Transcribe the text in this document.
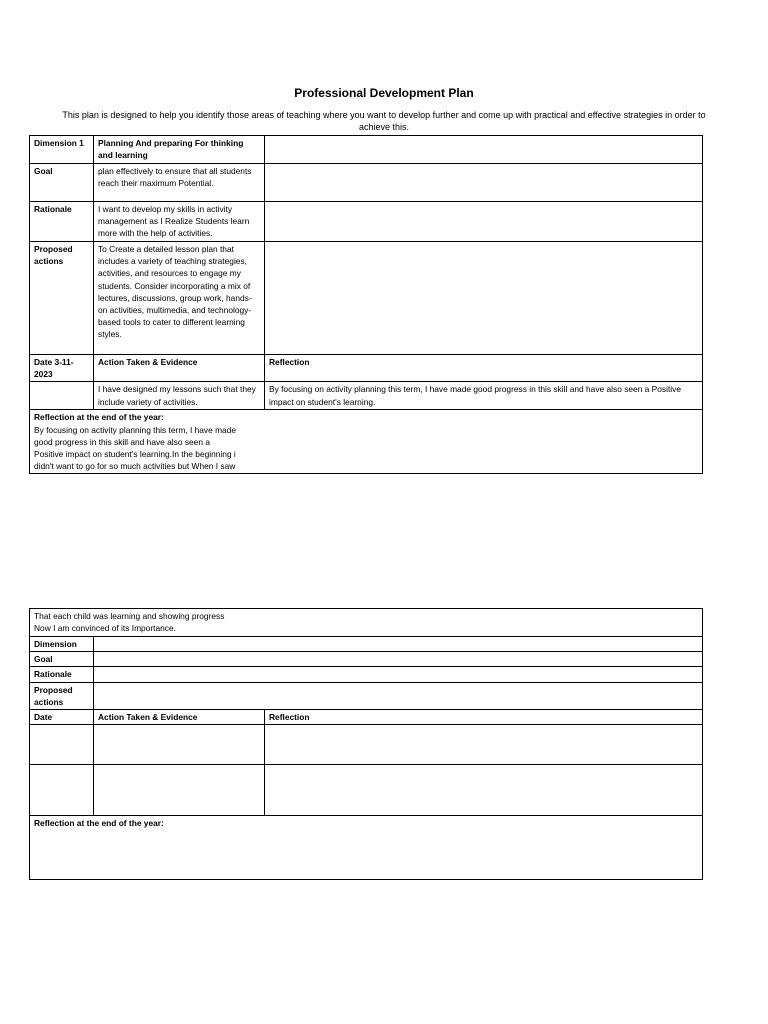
Professional Development Plan
This plan is designed to help you identify those areas of teaching where you want to develop further and come up with practical and effective strategies in order to achieve this.
Dimension 1	Planning And preparing For thinking and learning	
Goal	plan effectively to ensure that all students reach their maximum Potential.	
Rationale	I want to develop my skills in activity management as I Realize Students learn more with the help of activities.	
Proposed actions	To Create a detailed lesson plan that includes a variety of teaching strategies, activities, and resources to engage my students. Consider incorporating a mix of lectures, discussions, group work, hands-on activities, multimedia, and technology-based tools to cater to different learning styles.	
Date 3-11-2023	Action Taken & Evidence	Reflection
	I have designed my lessons such that they include variety of activities.	By focusing on activity planning this term, I have made good progress in this skill and have also seen a Positive impact on student's learning.

Reflection at the end of the year:
By focusing on activity planning this term, I have made
good progress in this skill and have also seen a
Positive impact on student's learning.In the beginning i
didn't want to go for so much activities but When I saw		
That each child was learning and showing progress
Now I am convinced of its Importance.		

Dimension		
Goal		
Rationale		
Proposed actions		
Date	Action Taken & Evidence	Reflection

Reflection at the end of the year:		
